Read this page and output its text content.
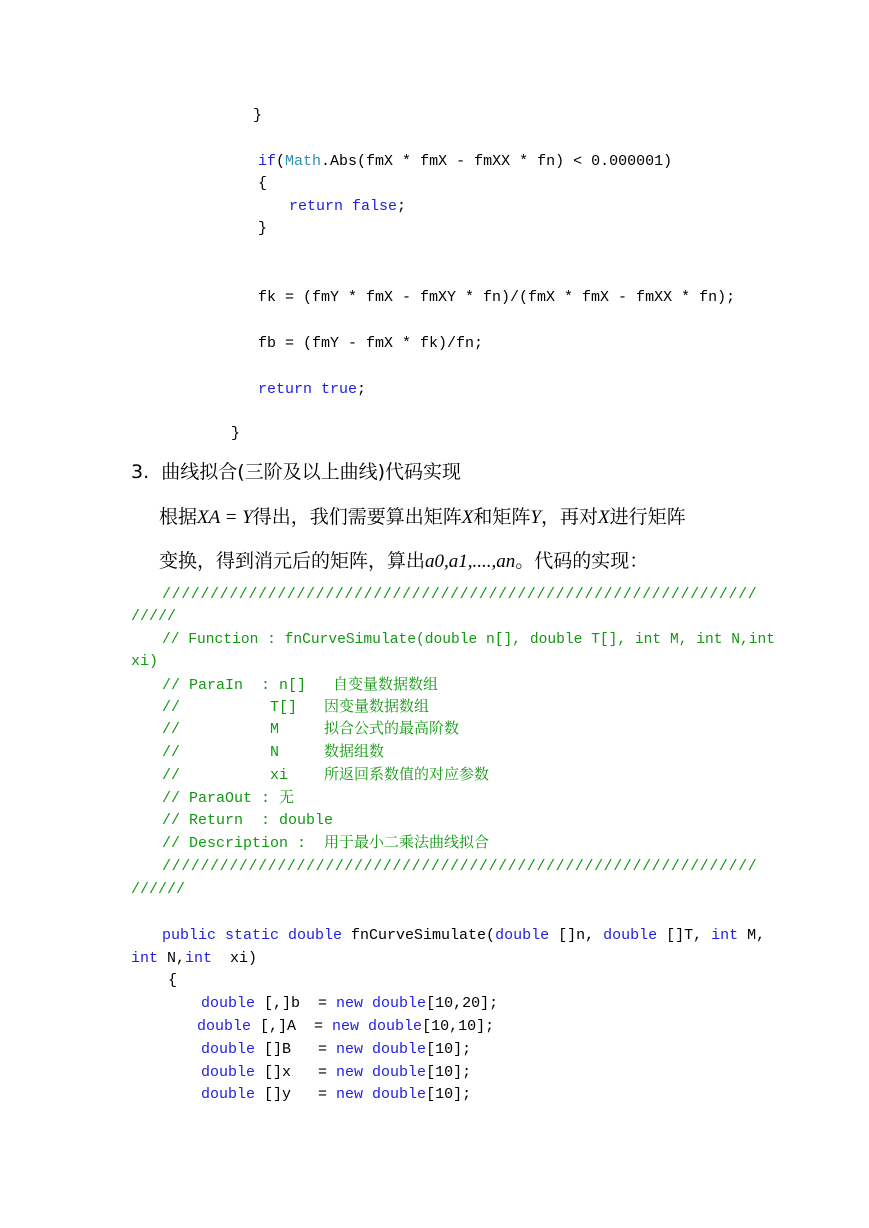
}
if(Math.Abs(fmX * fmX - fmXX * fn) < 0.000001)
{
return false;
}
fk = (fmY * fmX - fmXY * fn)/(fmX * fmX - fmXX * fn);
fb = (fmY - fmX * fk)/fn;
return true;
}
3. 曲线拟合(三阶及以上曲线)代码实现
根据XA = Y得出，我们需要算出矩阵X和矩阵Y，再对X进行矩阵
变换，得到消元后的矩阵，算出a0,a1,....,an。代码的实现：
//////////////////////////////////////////////////////////////
/////
// Function : fnCurveSimulate(double n[], double T[], int M, int N,int
xi)
// ParaIn  : n[]   自变量数据数组
//          T[]   因变量数据数组
//          M     拟合公式的最高阶数
//          N     数据组数
//          xi    所返回系数值的对应参数
// ParaOut : 无
// Return  : double
// Description :  用于最小二乘法曲线拟合
//////////////////////////////////////////////////////////////
//////
public static double fnCurveSimulate(double []n, double []T, int M,
int N,int  xi)
{
double [,]b  = new double[10,20];
double [,]A  = new double[10,10];
double []B   = new double[10];
double []x   = new double[10];
double []y   = new double[10];
